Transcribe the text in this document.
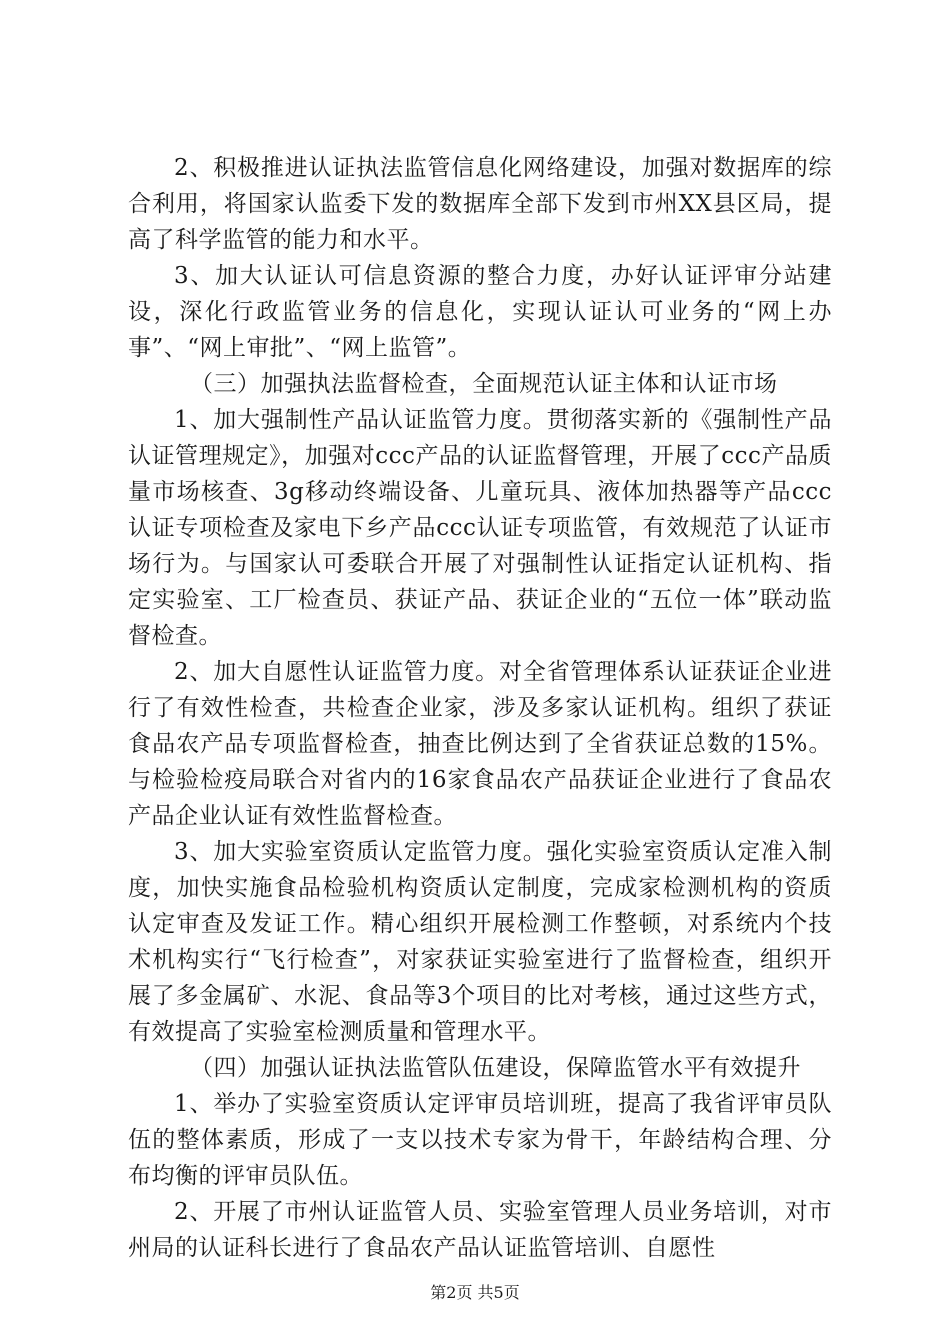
2、积极推进认证执法监管信息化网络建设，加强对数据库的综合利用，将国家认监委下发的数据库全部下发到市州XX县区局，提高了科学监管的能力和水平。

3、加大认证认可信息资源的整合力度，办好认证评审分站建设，深化行政监管业务的信息化，实现认证认可业务的“网上办事”、“网上审批”、“网上监管”。

（三）加强执法监督检查，全面规范认证主体和认证市场

1、加大强制性产品认证监管力度。贯彻落实新的《强制性产品认证管理规定》，加强对ccc产品的认证监督管理，开展了ccc产品质量市场核查、3g移动终端设备、儿童玩具、液体加热器等产品ccc认证专项检查及家电下乡产品ccc认证专项监管，有效规范了认证市场行为。与国家认可委联合开展了对强制性认证指定认证机构、指定实验室、工厂检查员、获证产品、获证企业的“五位一体”联动监督检查。

2、加大自愿性认证监管力度。对全省管理体系认证获证企业进行了有效性检查，共检查企业家，涉及多家认证机构。组织了获证食品农产品专项监督检查，抽查比例达到了全省获证总数的15%。与检验检疫局联合对省内的16家食品农产品获证企业进行了食品农产品企业认证有效性监督检查。

3、加大实验室资质认定监管力度。强化实验室资质认定准入制度，加快实施食品检验机构资质认定制度，完成家检测机构的资质认定审查及发证工作。精心组织开展检测工作整顿，对系统内个技术机构实行“飞行检查”，对家获证实验室进行了监督检查，组织开展了多金属矿、水泥、食品等3个项目的比对考核，通过这些方式，有效提高了实验室检测质量和管理水平。

（四）加强认证执法监管队伍建设，保障监管水平有效提升

1、举办了实验室资质认定评审员培训班，提高了我省评审员队伍的整体素质，形成了一支以技术专家为骨干，年龄结构合理、分布均衡的评审员队伍。

2、开展了市州认证监管人员、实验室管理人员业务培训，对市州局的认证科长进行了食品农产品认证监管培训、自愿性

第2页 共5页
